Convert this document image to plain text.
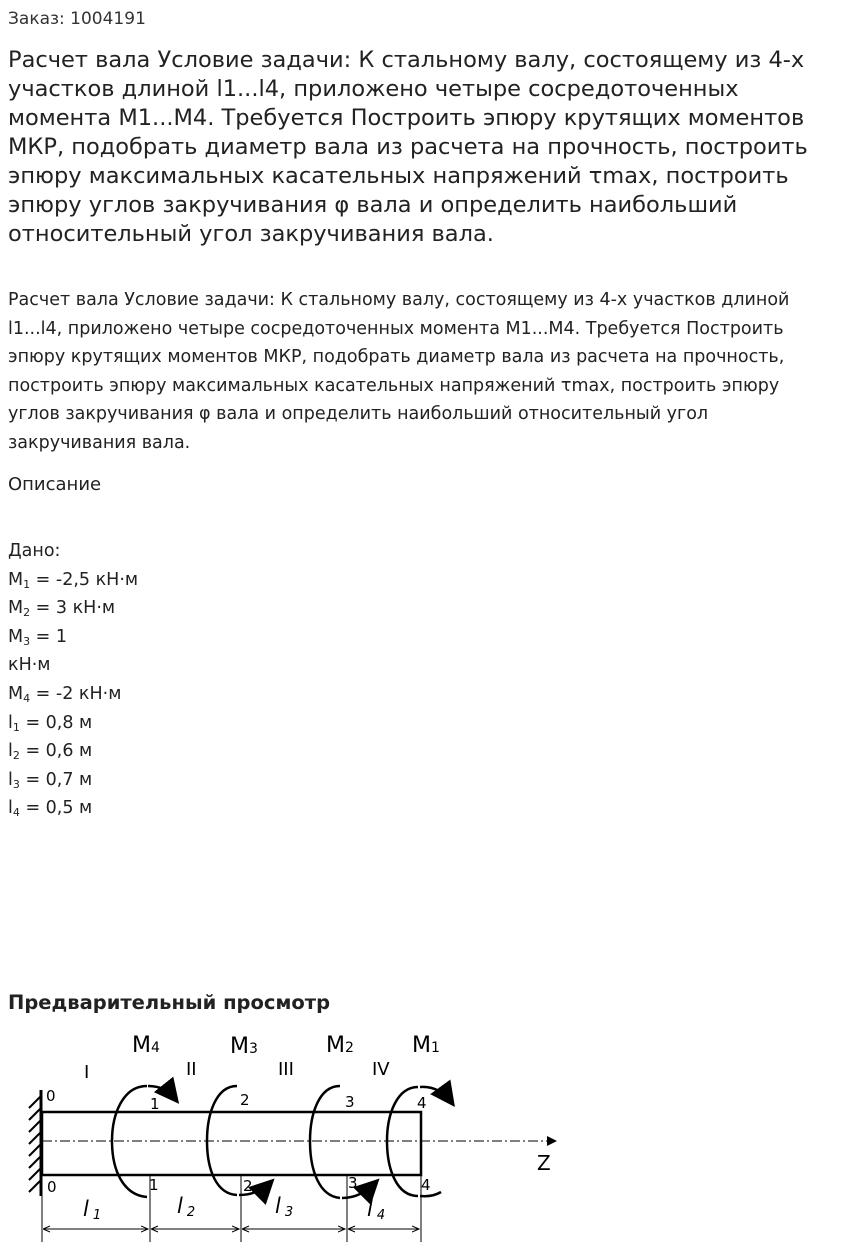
Заказ: 1004191
Расчет вала Условие задачи: К стальному валу, состоящему из 4-х участков длиной l1...l4, приложено четыре сосредоточенных момента M1...M4. Требуется Построить эпюру крутящих моментов MКР, подобрать диаметр вала из расчета на прочность, построить эпюру максимальных касательных напряжений τmax, построить эпюру углов закручивания φ вала и определить наибольший относительный угол закручивания вала.
Расчет вала Условие задачи: К стальному валу, состоящему из 4-х участков длиной l1...l4, приложено четыре сосредоточенных момента M1...M4. Требуется Построить эпюру крутящих моментов MКР, подобрать диаметр вала из расчета на прочность, построить эпюру максимальных касательных напряжений τmax, построить эпюру углов закручивания φ вала и определить наибольший относительный угол закручивания вала.
Описание
Дано:
$M_1 = -2,5$ кН·м
$M_2 = 3$ кН·м
$M_3 = 1$
кН·м
$M_4 = -2$ кН·м
$l_1 = 0,8$ м
$l_2 = 0,6$ м
$l_3 = 0,7$ м
$l_4 = 0,5$ м
Предварительный просмотр
Z
l 1	l 2	l 3	l 4
M4	M3	M2	M1
I	II	III	IV
0	1	2	3	4
0	1	2	3	4
